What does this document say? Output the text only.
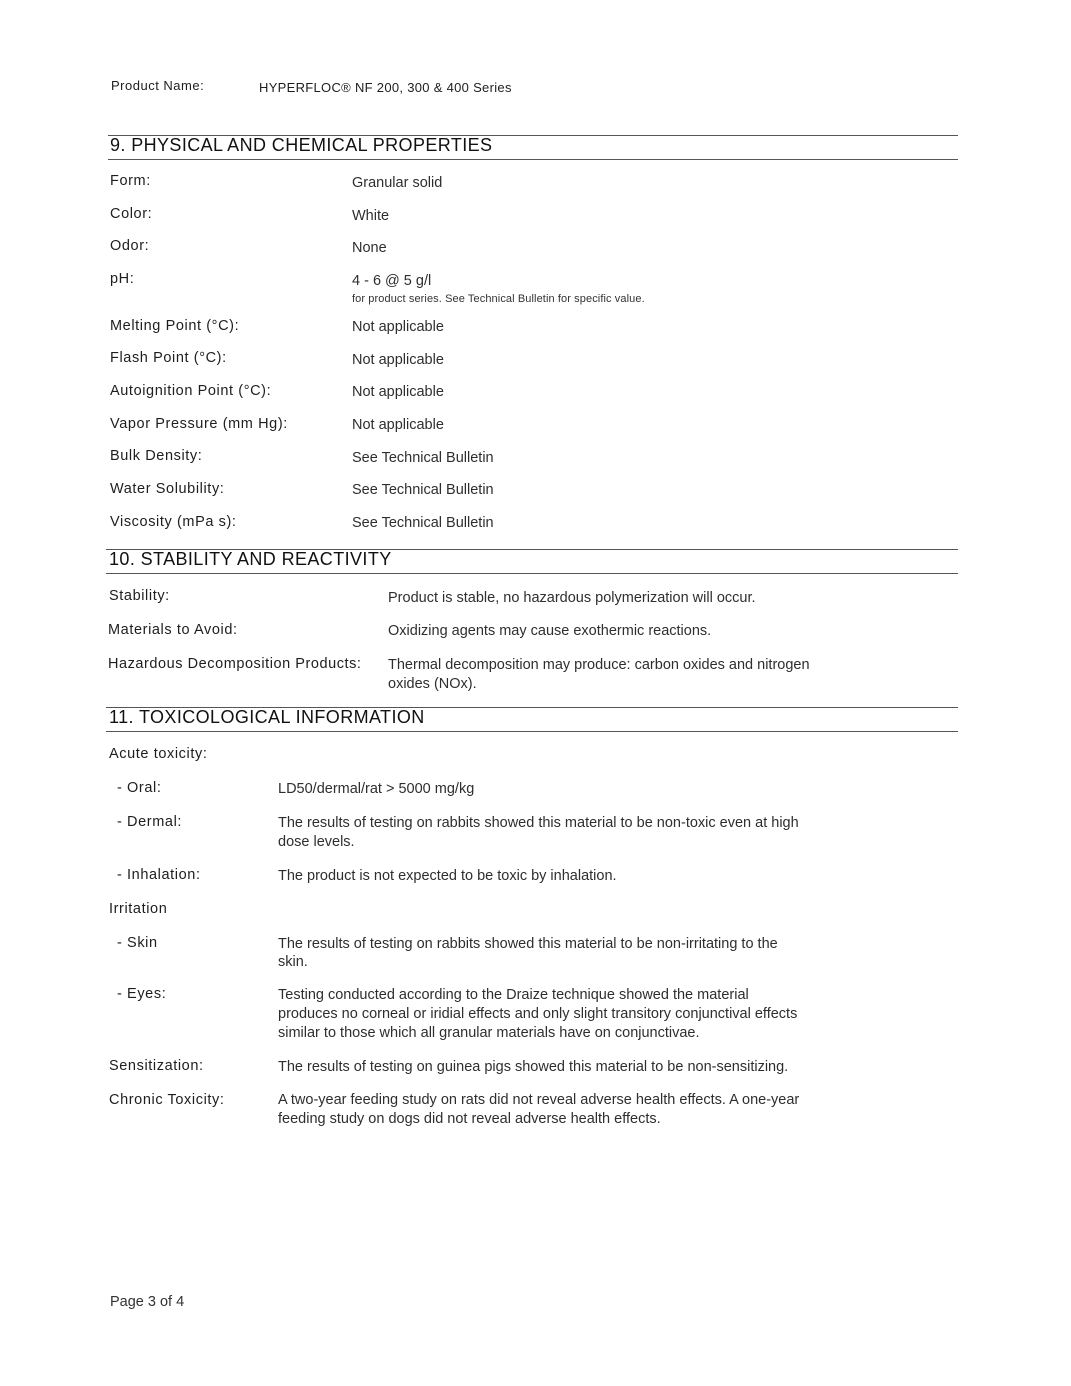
Product Name:	HYPERFLOC® NF 200, 300 & 400 Series
9. PHYSICAL AND CHEMICAL PROPERTIES
Form:	Granular solid
Color:	White
Odor:	None
pH:	4 - 6 @ 5 g/l
for product series. See Technical Bulletin for specific value.
Melting Point (°C):	Not applicable
Flash Point (°C):	Not applicable
Autoignition Point (°C):	Not applicable
Vapor Pressure (mm Hg):	Not applicable
Bulk Density:	See Technical Bulletin
Water Solubility:	See Technical Bulletin
Viscosity (mPa s):	See Technical Bulletin
10. STABILITY AND REACTIVITY
Stability:	Product is stable, no hazardous polymerization will occur.
Materials to Avoid:	Oxidizing agents may cause exothermic reactions.
Hazardous Decomposition Products: Thermal decomposition may produce: carbon oxides and nitrogen
oxides (NOx).
11. TOXICOLOGICAL INFORMATION
Acute toxicity:
- Oral:	LD50/dermal/rat > 5000 mg/kg
- Dermal:	The results of testing on rabbits showed this material to be non-toxic even at high
dose levels.
- Inhalation:	The product is not expected to be toxic by inhalation.
Irritation
- Skin	The results of testing on rabbits showed this material to be non-irritating to the
skin.
- Eyes:	Testing conducted according to the Draize technique showed the material
produces no corneal or iridial effects and only slight transitory conjunctival effects
similar to those which all granular materials have on conjunctivae.
Sensitization:	The results of testing on guinea pigs showed this material to be non-sensitizing.
Chronic Toxicity:	A two-year feeding study on rats did not reveal adverse health effects. A one-year
feeding study on dogs did not reveal adverse health effects.
Page 3 of 4
